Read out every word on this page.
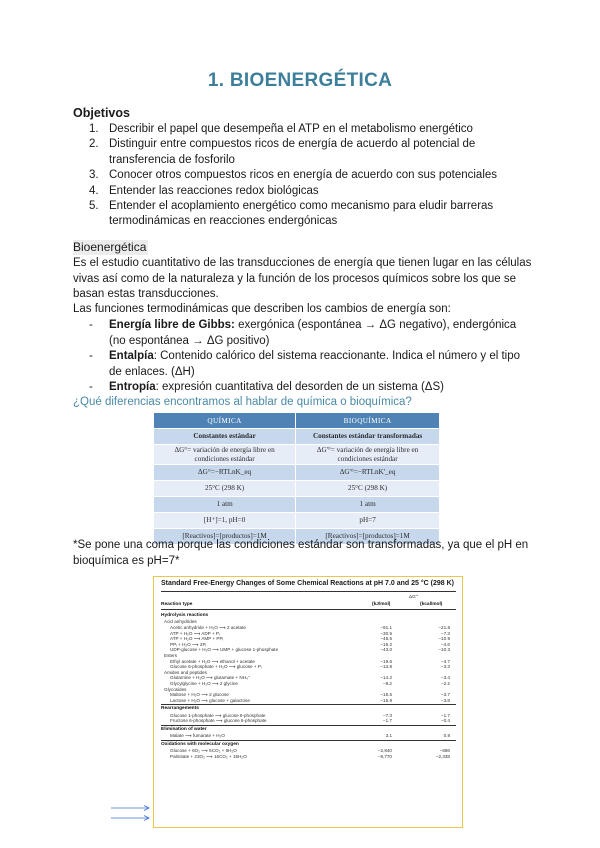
1. BIOENERGÉTICA

Objetivos

1. Describir el papel que desempeña el ATP en el metabolismo energético
2. Distinguir entre compuestos ricos de energía de acuerdo al potencial de transferencia de fosforilo
3. Conocer otros compuestos ricos en energía de acuerdo con sus potenciales
4. Entender las reacciones redox biológicas
5. Entender el acoplamiento energético como mecanismo para eludir barreras termodinámicas en reacciones endergónicas

Bioenergética

Es el estudio cuantitativo de las transducciones de energía que tienen lugar en las células vivas así como de la naturaleza y la función de los procesos químicos sobre los que se basan estas transducciones.

Las funciones termodinámicas que describen los cambios de energía son:

- Energía libre de Gibbs: exergónica (espontánea → ΔG negativo), endergónica (no espontánea → ΔG positivo)
- Entalpía: Contenido calórico del sistema reaccionante. Indica el número y el tipo de enlaces. (ΔH)
- Entropía: expresión cuantitativa del desorden de un sistema (ΔS)

¿Qué diferencias encontramos al hablar de química o bioquímica?

QUÍMICA	BIOQUÍMICA
Constantes estándar	Constantes estándar transformadas
ΔG°= variación de energía libre en condiciones estándar	ΔG'°= variación de energía libre en condiciones estándar
ΔG°=−RTLnK_eq	ΔG'°=−RTLnK'_eq
25°C (298 K)	25°C (298 K)
1 atm	1 atm
[H⁺]=1, pH=0	pH=7
[Reactivos]=[productos]=1M	[Reactivos]=[productos]=1M

*Se pone una coma porque las condiciones estándar son transformadas, ya que el pH en bioquímica es pH=7*

Standard Free-Energy Changes of Some Chemical Reactions at pH 7.0 and 25 °C (298 K)

ΔG'°

Reaction type	(kJ/mol)	(kcal/mol)

Hydrolysis reactions

Acid anhydrides

Acetic anhydride + H₂O ⟶ 2 acetate	−91.1	−21.8

ATP + H₂O ⟶ ADP + Pᵢ	−30.5	−7.3

ATP + H₂O ⟶ AMP + PPᵢ	−45.6	−10.9

PPᵢ + H₂O ⟶ 2Pᵢ	−19.2	−4.6

UDP-glucose + H₂O ⟶ UMP + glucose 1-phosphate	−43.0	−10.3

Esters

Ethyl acetate + H₂O ⟶ ethanol + acetate	−19.6	−4.7

Glucose 6-phosphate + H₂O ⟶ glucose + Pᵢ	−13.8	−3.3

Amides and peptides

Glutamine + H₂O ⟶ glutamate + NH₄⁺	−14.2	−3.4

Glycylglycine + H₂O ⟶ 2 glycine	−9.2	−2.2

Glycosides

Maltose + H₂O ⟶ 2 glucose	−15.5	−3.7

Lactose + H₂O ⟶ glucose + galactose	−15.9	−3.8

Rearrangements

Glucose 1-phosphate ⟶ glucose 6-phosphate	−7.3	−1.7

Fructose 6-phosphate ⟶ glucose 6-phosphate	−1.7	−0.4

Elimination of water

Malate ⟶ fumarate + H₂O	3.1	0.8

Oxidations with molecular oxygen

Glucose + 6O₂ ⟶ 6CO₂ + 6H₂O	−2,840	−686

Palmitate + 23O₂ ⟶ 16CO₂ + 16H₂O	−9,770	−2,338
